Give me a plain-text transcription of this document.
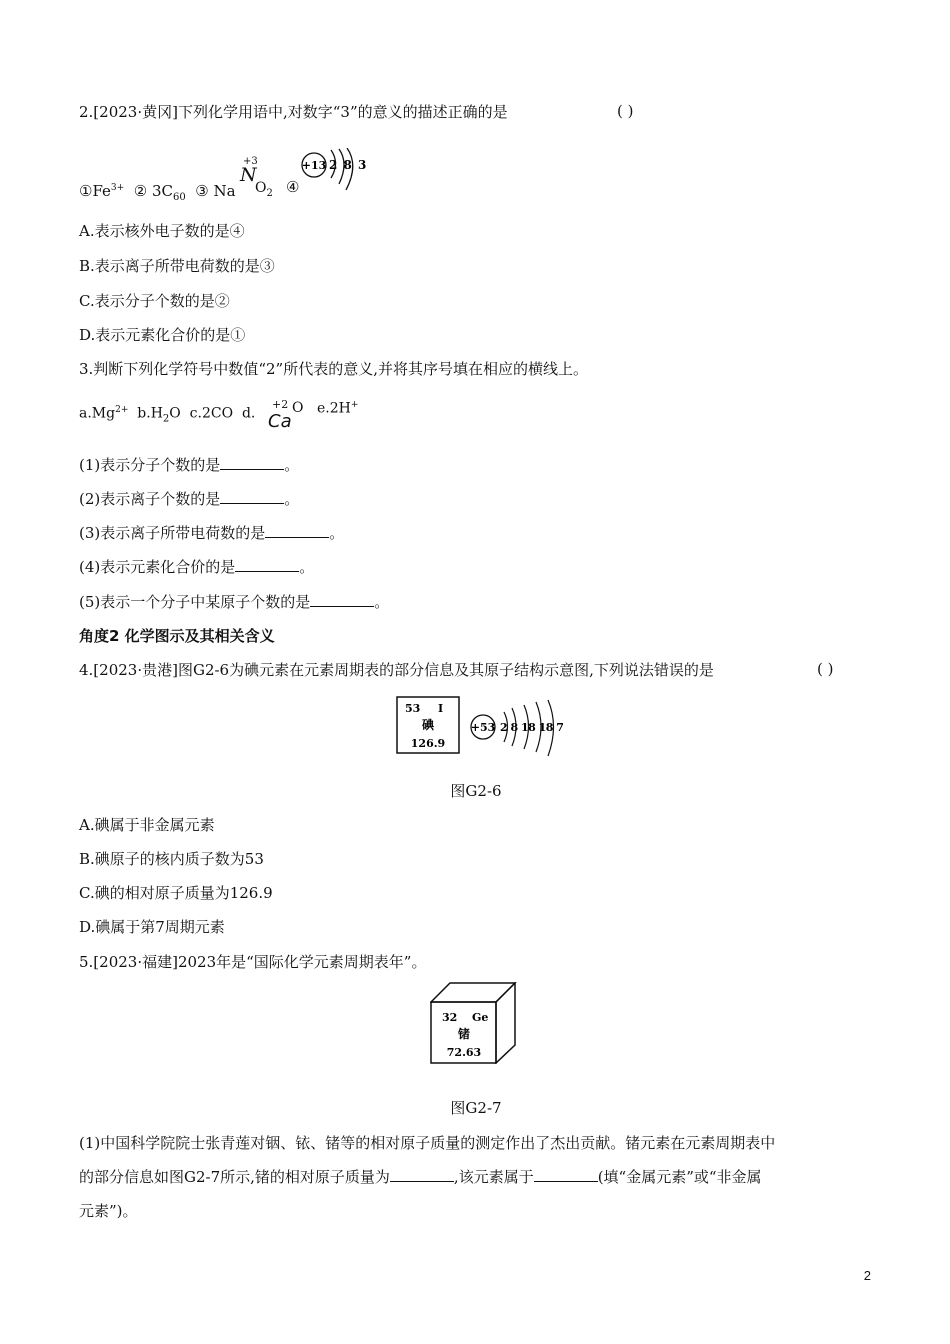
2.[2023·黄冈]下列化学用语中,对数字“3”的意义的描述正确的是	( )
$①Fe^{3+}$ ② $3C_{60}$ ③ Na
+3
N
$O_2$ ④
+13 2 8 3
A.表示核外电子数的是④
B.表示离子所带电荷数的是③
C.表示分子个数的是②
D.表示元素化合价的是①
3.判断下列化学符号中数值“2”所代表的意义,并将其序号填在相应的横线上。
$a.Mg^{2+}$ $b.H_2O$ c.2CO d.
+2
Ca
O e.2H+
(1)表示分子个数的是	。
(2)表示离子个数的是	。
(3)表示离子所带电荷数的是	。
(4)表示元素化合价的是	。
(5)表示一个分子中某原子个数的是	。
角度2 化学图示及其相关含义
4.[2023·贵港]图G2-6为碘元素在元素周期表的部分信息及其原子结构示意图,下列说法错误的是	( )
53 I
碘
126.9
+53 2 8 18 18 7
图G2-6
A.碘属于非金属元素
B.碘原子的核内质子数为53
C.碘的相对原子质量为126.9
D.碘属于第7周期元素
5.[2023·福建]2023年是“国际化学元素周期表年”。
32 Ge
锗
72.63
图G2-7
(1)中国科学院院士张青莲对铟、铱、锗等的相对原子质量的测定作出了杰出贡献。锗元素在元素周期表中
的部分信息如图G2-7所示,锗的相对原子质量为	,该元素属于	(填“金属元素”或“非金属
元素”)。
2
